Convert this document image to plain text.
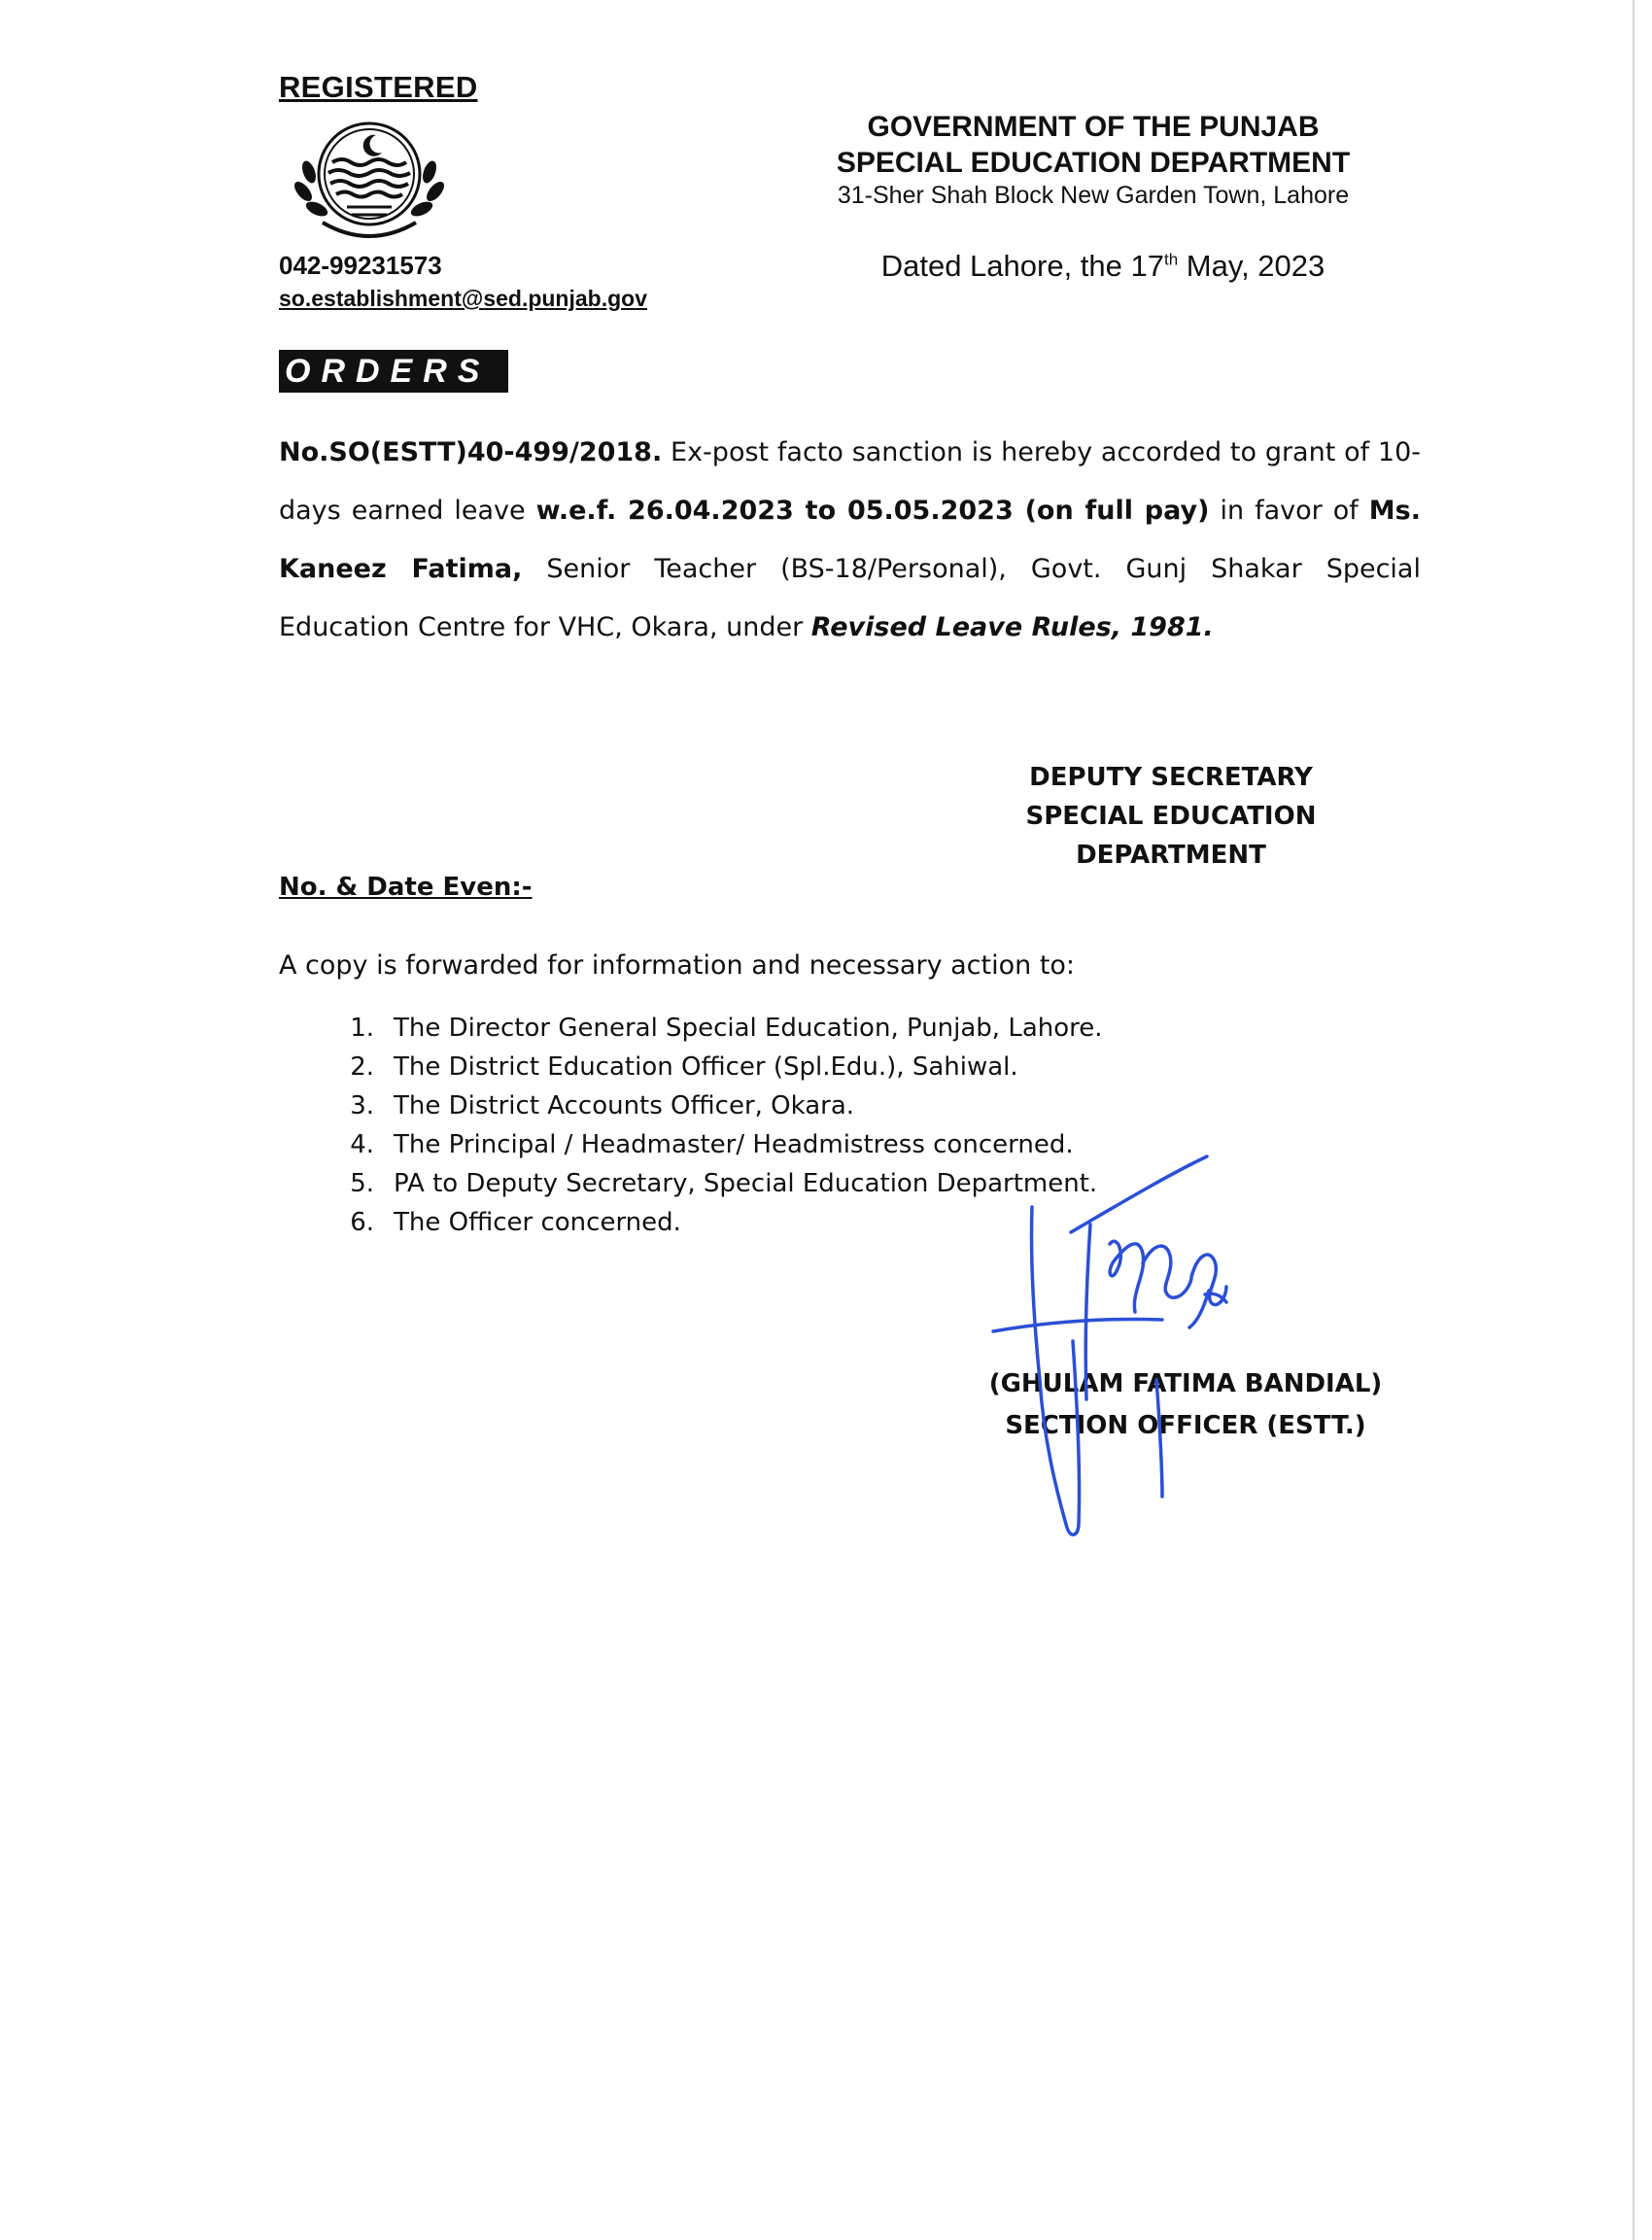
REGISTERED
042-99231573
so.establishment@sed.punjab.gov
GOVERNMENT OF THE PUNJAB
SPECIAL EDUCATION DEPARTMENT
31-Sher Shah Block New Garden Town, Lahore
Dated Lahore, the 17th May, 2023
ORDERS
No.SO(ESTT)40-499/2018. Ex-post facto sanction is hereby accorded to grant of 10-days earned leave w.e.f. 26.04.2023 to 05.05.2023 (on full pay) in favor of Ms. Kaneez Fatima, Senior Teacher (BS-18/Personal), Govt. Gunj Shakar Special Education Centre for VHC, Okara, under Revised Leave Rules, 1981.
DEPUTY SECRETARY
SPECIAL EDUCATION
DEPARTMENT
No. & Date Even:-
A copy is forwarded for information and necessary action to:
1. The Director General Special Education, Punjab, Lahore.
2. The District Education Officer (Spl.Edu.), Sahiwal.
3. The District Accounts Officer, Okara.
4. The Principal / Headmaster/ Headmistress concerned.
5. PA to Deputy Secretary, Special Education Department.
6. The Officer concerned.
(GHULAM FATIMA BANDIAL)
SECTION OFFICER (ESTT.)
